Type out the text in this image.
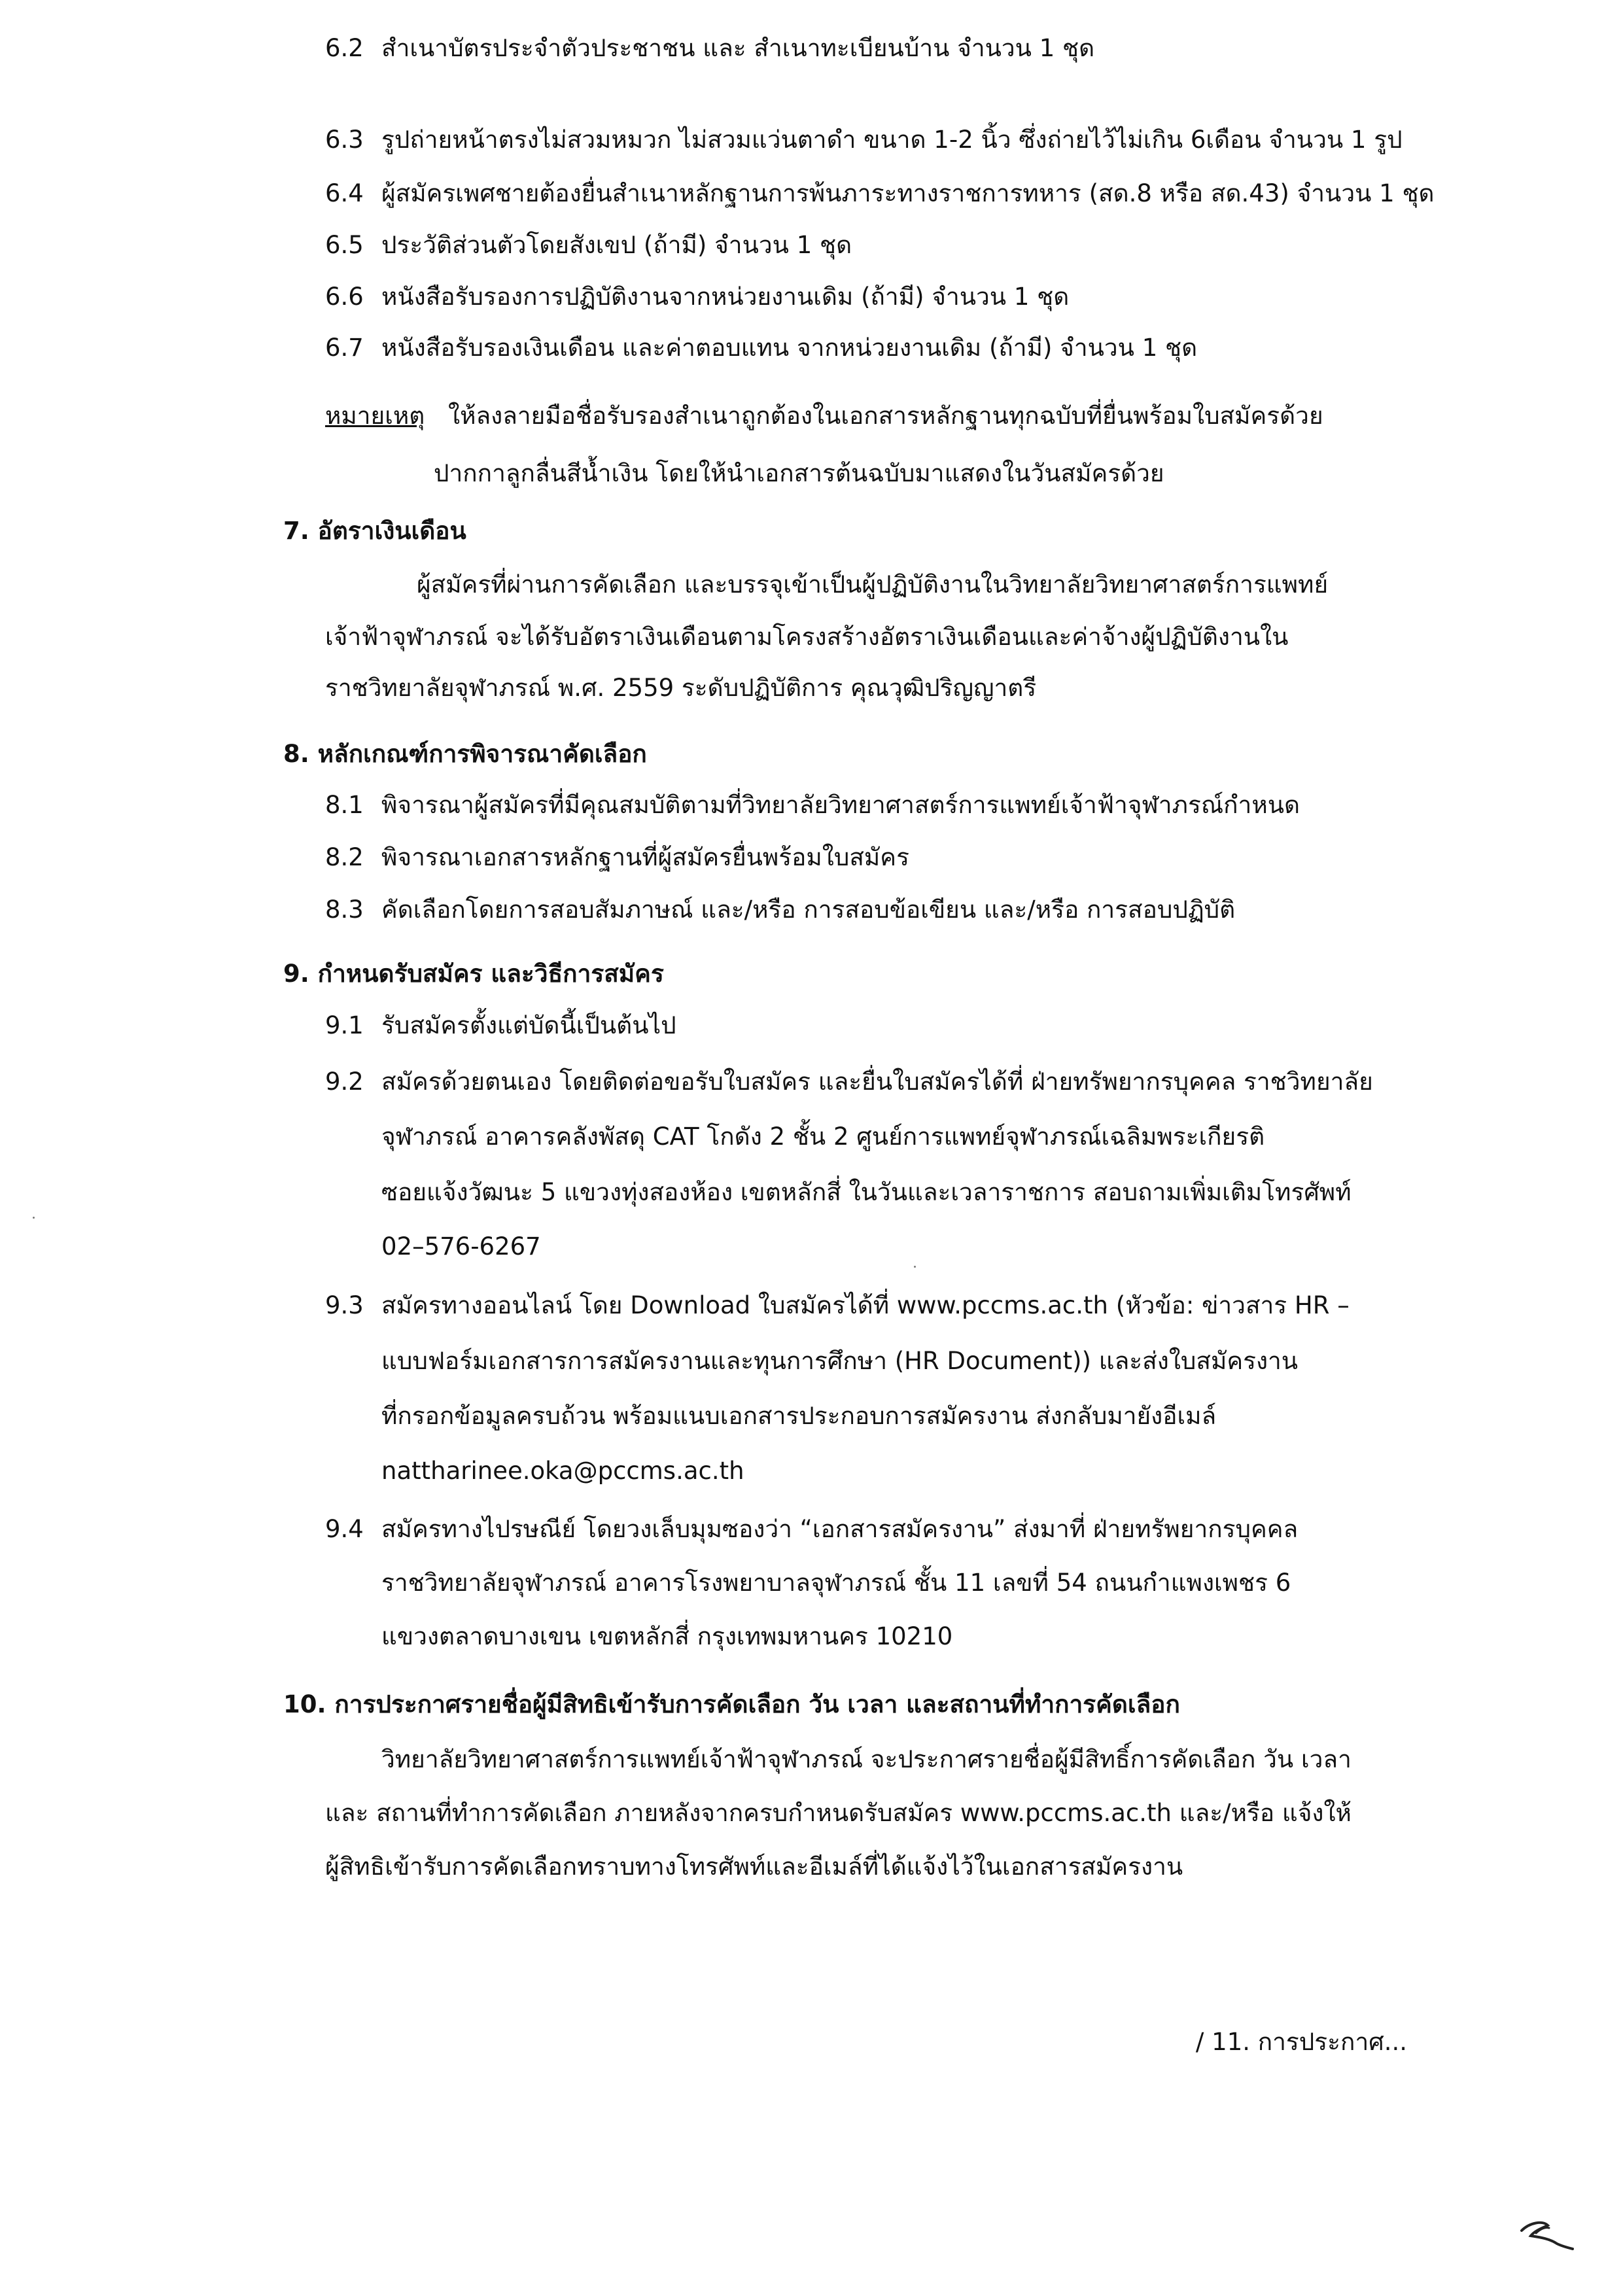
6.2 สำเนาบัตรประจำตัวประชาชน และ สำเนาทะเบียนบ้าน จำนวน 1 ชุด
6.3 รูปถ่ายหน้าตรงไม่สวมหมวก ไม่สวมแว่นตาดำ ขนาด 1-2 นิ้ว ซึ่งถ่ายไว้ไม่เกิน 6เดือน จำนวน 1 รูป
6.4 ผู้สมัครเพศชายต้องยื่นสำเนาหลักฐานการพ้นภาระทางราชการทหาร (สด.8 หรือ สด.43) จำนวน 1 ชุด
6.5 ประวัติส่วนตัวโดยสังเขป (ถ้ามี) จำนวน 1 ชุด
6.6 หนังสือรับรองการปฏิบัติงานจากหน่วยงานเดิม (ถ้ามี) จำนวน 1 ชุด
6.7 หนังสือรับรองเงินเดือน และค่าตอบแทน จากหน่วยงานเดิม (ถ้ามี) จำนวน 1 ชุด
หมายเหตุ ให้ลงลายมือชื่อรับรองสำเนาถูกต้องในเอกสารหลักฐานทุกฉบับที่ยื่นพร้อมใบสมัครด้วย
ปากกาลูกลื่นสีน้ำเงิน โดยให้นำเอกสารต้นฉบับมาแสดงในวันสมัครด้วย
7. อัตราเงินเดือน
ผู้สมัครที่ผ่านการคัดเลือก และบรรจุเข้าเป็นผู้ปฏิบัติงานในวิทยาลัยวิทยาศาสตร์การแพทย์
เจ้าฟ้าจุฬาภรณ์ จะได้รับอัตราเงินเดือนตามโครงสร้างอัตราเงินเดือนและค่าจ้างผู้ปฏิบัติงานใน
ราชวิทยาลัยจุฬาภรณ์ พ.ศ. 2559 ระดับปฏิบัติการ คุณวุฒิปริญญาตรี
8. หลักเกณฑ์การพิจารณาคัดเลือก
8.1 พิจารณาผู้สมัครที่มีคุณสมบัติตามที่วิทยาลัยวิทยาศาสตร์การแพทย์เจ้าฟ้าจุฬาภรณ์กำหนด
8.2 พิจารณาเอกสารหลักฐานที่ผู้สมัครยื่นพร้อมใบสมัคร
8.3 คัดเลือกโดยการสอบสัมภาษณ์ และ/หรือ การสอบข้อเขียน และ/หรือ การสอบปฏิบัติ
9. กำหนดรับสมัคร และวิธีการสมัคร
9.1 รับสมัครตั้งแต่บัดนี้เป็นต้นไป
9.2 สมัครด้วยตนเอง โดยติดต่อขอรับใบสมัคร และยื่นใบสมัครได้ที่ ฝ่ายทรัพยากรบุคคล ราชวิทยาลัย
จุฬาภรณ์ อาคารคลังพัสดุ CAT โกดัง 2 ชั้น 2 ศูนย์การแพทย์จุฬาภรณ์เฉลิมพระเกียรติ
ซอยแจ้งวัฒนะ 5 แขวงทุ่งสองห้อง เขตหลักสี่ ในวันและเวลาราชการ สอบถามเพิ่มเติมโทรศัพท์
02–576-6267
9.3 สมัครทางออนไลน์ โดย Download ใบสมัครได้ที่ www.pccms.ac.th (หัวข้อ: ข่าวสาร HR –
แบบฟอร์มเอกสารการสมัครงานและทุนการศึกษา (HR Document)) และส่งใบสมัครงาน
ที่กรอกข้อมูลครบถ้วน พร้อมแนบเอกสารประกอบการสมัครงาน ส่งกลับมายังอีเมล์
nattharinee.oka@pccms.ac.th
9.4 สมัครทางไปรษณีย์ โดยวงเล็บมุมซองว่า “เอกสารสมัครงาน” ส่งมาที่ ฝ่ายทรัพยากรบุคคล
ราชวิทยาลัยจุฬาภรณ์ อาคารโรงพยาบาลจุฬาภรณ์ ชั้น 11 เลขที่ 54 ถนนกำแพงเพชร 6
แขวงตลาดบางเขน เขตหลักสี่ กรุงเทพมหานคร 10210
10. การประกาศรายชื่อผู้มีสิทธิเข้ารับการคัดเลือก วัน เวลา และสถานที่ทำการคัดเลือก
วิทยาลัยวิทยาศาสตร์การแพทย์เจ้าฟ้าจุฬาภรณ์ จะประกาศรายชื่อผู้มีสิทธิ์การคัดเลือก วัน เวลา
และ สถานที่ทำการคัดเลือก ภายหลังจากครบกำหนดรับสมัคร www.pccms.ac.th และ/หรือ แจ้งให้
ผู้สิทธิเข้ารับการคัดเลือกทราบทางโทรศัพท์และอีเมล์ที่ได้แจ้งไว้ในเอกสารสมัครงาน
/ 11. การประกาศ...
